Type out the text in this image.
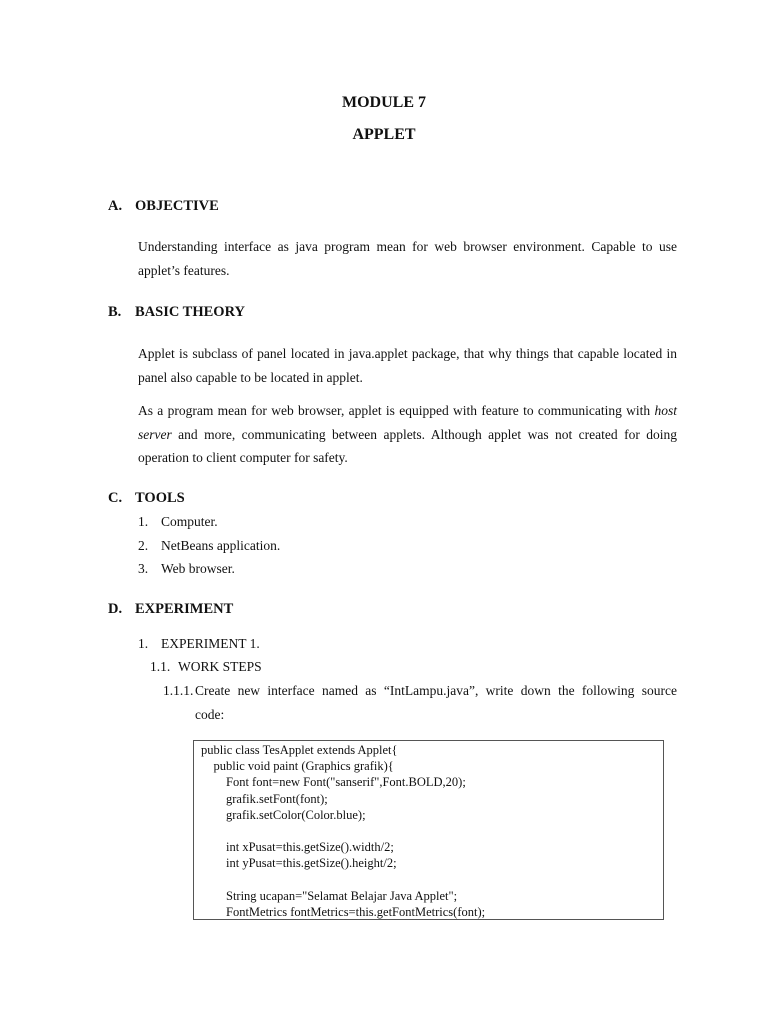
MODULE 7
APPLET
A. OBJECTIVE
Understanding interface as java program mean for web browser environment. Capable to use applet’s features.
B. BASIC THEORY
Applet is subclass of panel located in java.applet package, that why things that capable located in panel also capable to be located in applet.
As a program mean for web browser, applet is equipped with feature to communicating with host server and more, communicating between applets. Although applet was not created for doing operation to client computer for safety.
C. TOOLS
1. Computer.
2. NetBeans application.
3. Web browser.
D. EXPERIMENT
1. EXPERIMENT 1.
1.1. WORK STEPS
1.1.1. Create new interface named as “IntLampu.java”, write down the following source
code:
public class TesApplet extends Applet{
public void paint (Graphics grafik){
Font font=new Font("sanserif",Font.BOLD,20);
grafik.setFont(font);
grafik.setColor(Color.blue);
int xPusat=this.getSize().width/2;
int yPusat=this.getSize().height/2;
String ucapan="Selamat Belajar Java Applet";
FontMetrics fontMetrics=this.getFontMetrics(font);
